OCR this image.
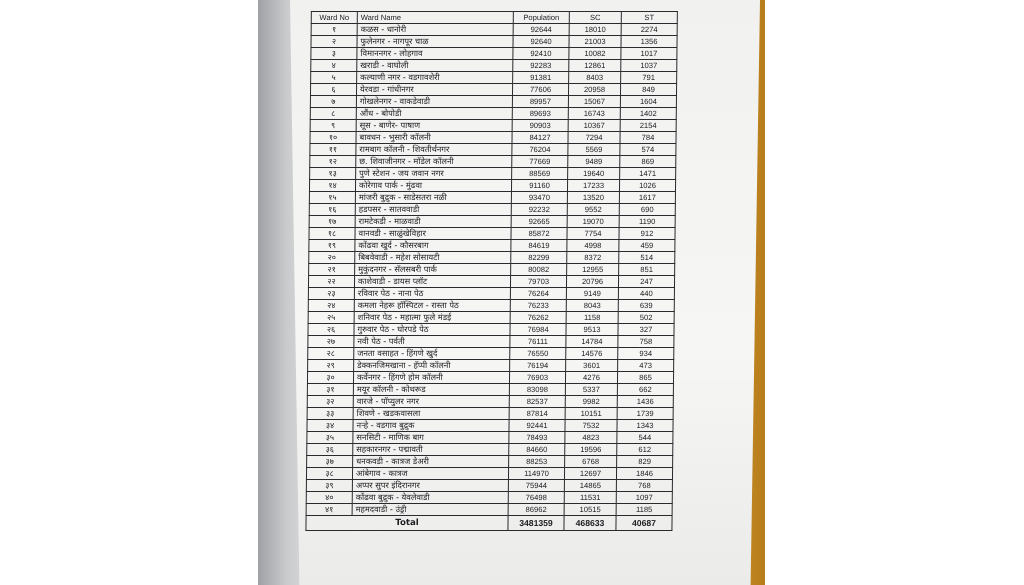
Ward No	Ward Name	Population	SC	ST
१	कळस - धानोरी	92644	18010	2274
२	फुलेनगर - नागपूर चाळ	92640	21003	1356
३	विमाननगर - लोहगाव	92410	10082	1017
४	खराडी - वाघोली	92283	12861	1037
५	कल्याणी नगर - वडगावशेरी	91381	8403	791
६	येरवडा - गांधीनगर	77606	20958	849
७	गोखलेनगर - वाकडेवाडी	89957	15067	1604
८	औंध - बोपोडी	89693	16743	1402
९	सूस - बाणेर- पाषाण	90903	10367	2154
१०	बावधन - भुसारी कॉलनी	84127	7294	784
११	रामबाग कॉलनी - शिवतीर्थनगर	76204	5569	574
१२	छ. शिवाजीनगर - मॉडेल कॉलनी	77669	9489	869
१३	पुणे स्टेशन - जय जवान नगर	88569	19640	1471
१४	कोरेगाव पार्क - मुंढवा	91160	17233	1026
१५	मांजरी बुद्रुक - साडेसतरा नळी	93470	13520	1617
१६	हडपसर - सातववाडी	92232	9552	690
१७	रामटेकडी - माळवाडी	92665	19070	1190
१८	वानवडी - साळुंखेविहार	85872	7754	912
१९	कोंढवा खुर्द - कौसरबाग	84619	4998	459
२०	बिबवेवाडी - महेश सोसायटी	82299	8372	514
२१	मुकुंदनगर - सॅलसबरी पार्क	80082	12955	851
२२	काशेवाडी - डायस प्लॉट	79703	20796	247
२३	रविवार पेठ - नाना पेठ	76264	9149	440
२४	कमला नेहरू हॉस्पिटल - रास्ता पेठ	76233	8043	639
२५	शनिवार पेठ - महात्मा फुले मंडई	76262	1158	502
२६	गुरुवार पेठ - घोरपडे पेठ	76984	9513	327
२७	नवी पेठ - पर्वती	76111	14784	758
२८	जनता वसाहत - हिंगणे खुर्द	76550	14576	934
२९	डेक्कनजिमखाना - हॅप्पी कॉलनी	76194	3601	473
३०	कर्वेनगर - हिंगणे होम कॉलनी	76903	4276	865
३१	मयूर कॉलनी - कोथरूड	83098	5337	662
३२	वारजे - पॉप्युलर नगर	82537	9982	1436
३३	शिवणे - खडकवासला	87814	10151	1739
३४	नऱ्हे - वडगाव बुद्रुक	92441	7532	1343
३५	सनसिटी - माणिक बाग	78493	4823	544
३६	सहकारनगर - पद्मावती	84660	19596	612
३७	धनकवडी - कात्रज डेअरी	88253	6768	829
३८	आंबेगाव - कात्रज	114970	12697	1846
३९	अप्पर सुपर इंदिरानगर	75944	14865	768
४०	कोंढवा बुद्रुक - येवलेवाडी	76498	11531	1097
४१	महमदवाडी - उंड्री	86962	10515	1185
Total		3481359	468633	40687
